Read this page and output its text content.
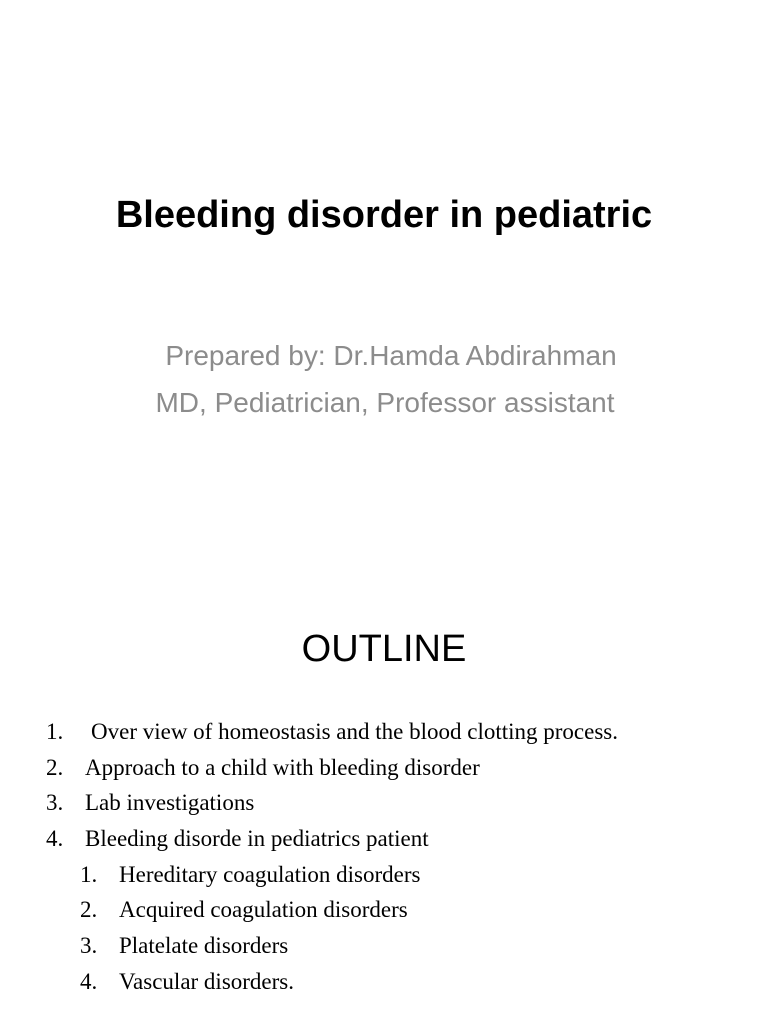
Bleeding disorder in pediatric
Prepared by: Dr.Hamda Abdirahman
MD, Pediatrician, Professor assistant
OUTLINE
1. Over view of homeostasis and the blood clotting process.
2. Approach to a child with bleeding disorder
3. Lab investigations
4. Bleeding disorde in pediatrics patient
1. Hereditary coagulation disorders
2. Acquired coagulation disorders
3. Platelate disorders
4. Vascular disorders.
